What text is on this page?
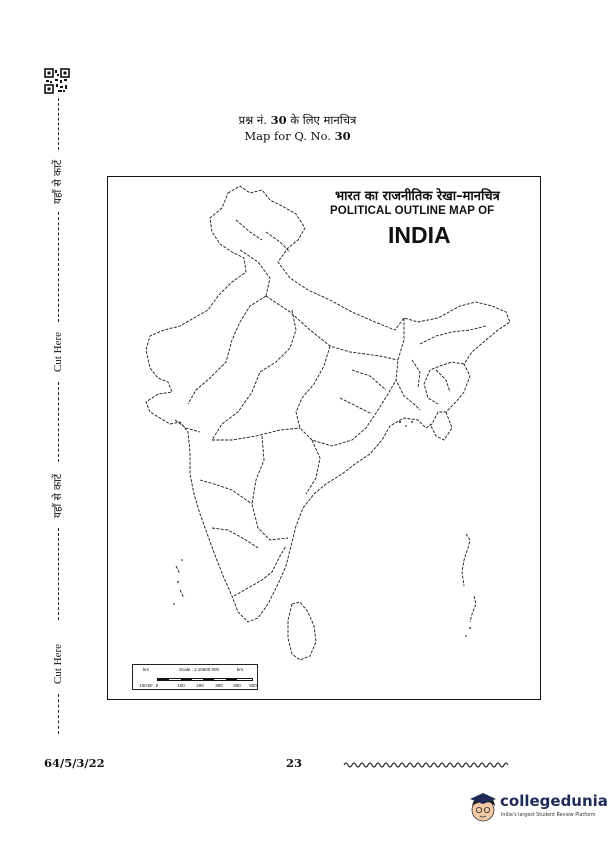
यहाँ से काटें
Cut Here
यहाँ से काटें
Cut Here
प्रश्न नं. 30 के लिए मानचित्र
Map for Q. No. 30
भारत का राजनीतिक रेखा–मानचित्र
POLITICAL OUTLINE MAP OF
INDIA
km	Scale : 1:15600 000	km
100 50 0	100	200	300 400 500
64/5/3/22	23
collegedunia
India's largest Student Review Platform
